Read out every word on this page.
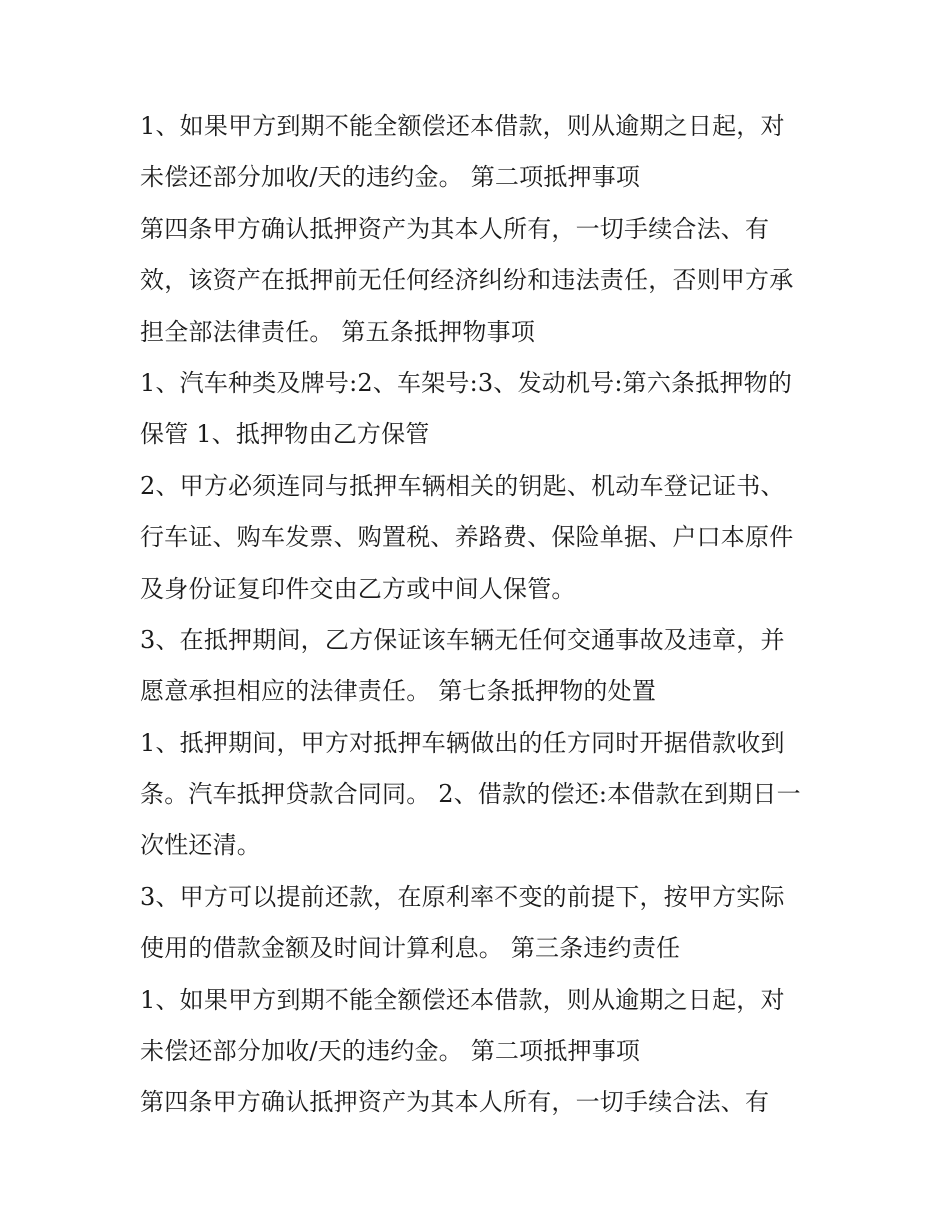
1、如果甲方到期不能全额偿还本借款，则从逾期之日起，对
未偿还部分加收/天的违约金。 第二项抵押事项
第四条甲方确认抵押资产为其本人所有，一切手续合法、有
效，该资产在抵押前无任何经济纠纷和违法责任，否则甲方承
担全部法律责任。 第五条抵押物事项
1、汽车种类及牌号:2、车架号:3、发动机号:第六条抵押物的
保管 1、抵押物由乙方保管
2、甲方必须连同与抵押车辆相关的钥匙、机动车登记证书、
行车证、购车发票、购置税、养路费、保险单据、户口本原件
及身份证复印件交由乙方或中间人保管。
3、在抵押期间，乙方保证该车辆无任何交通事故及违章，并
愿意承担相应的法律责任。 第七条抵押物的处置
1、抵押期间，甲方对抵押车辆做出的任方同时开据借款收到
条。汽车抵押贷款合同同。 2、借款的偿还:本借款在到期日一
次性还清。
3、甲方可以提前还款，在原利率不变的前提下，按甲方实际
使用的借款金额及时间计算利息。 第三条违约责任
1、如果甲方到期不能全额偿还本借款，则从逾期之日起，对
未偿还部分加收/天的违约金。 第二项抵押事项
第四条甲方确认抵押资产为其本人所有，一切手续合法、有
